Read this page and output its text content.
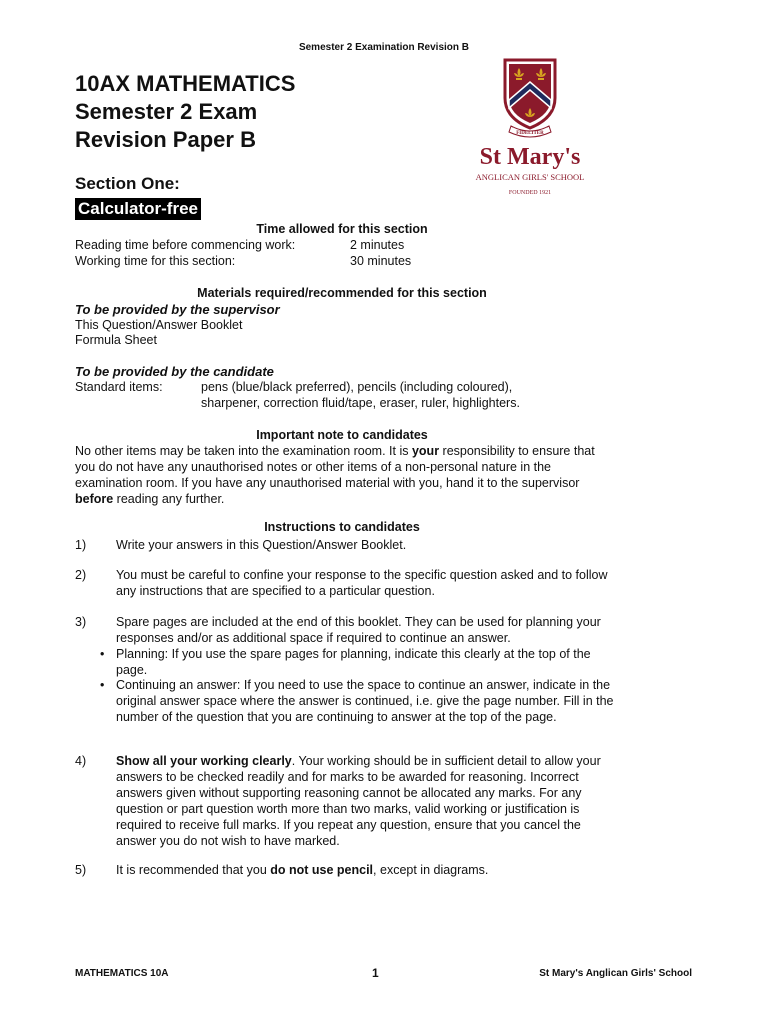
Semester 2 Examination Revision B
10AX MATHEMATICS
Semester 2 Exam
Revision Paper B	FIDELITER
St Mary's
ANGLICAN GIRLS' SCHOOL
FOUNDED 1921
Section One:
Calculator-free
Time allowed for this section
Reading time before commencing work:	2 minutes
Working time for this section:	30 minutes
Materials required/recommended for this section
To be provided by the supervisor
This Question/Answer Booklet
Formula Sheet
To be provided by the candidate
Standard items:	pens (blue/black preferred), pencils (including coloured),
sharpener, correction fluid/tape, eraser, ruler, highlighters.
Important note to candidates
No other items may be taken into the examination room. It is your responsibility to ensure that you do not have any unauthorised notes or other items of a non-personal nature in the examination room. If you have any unauthorised material with you, hand it to the supervisor before reading any further.
Instructions to candidates
1) Write your answers in this Question/Answer Booklet.
2) You must be careful to confine your response to the specific question asked and to follow any instructions that are specified to a particular question.
3) Spare pages are included at the end of this booklet. They can be used for planning your responses and/or as additional space if required to continue an answer.
• Planning: If you use the spare pages for planning, indicate this clearly at the top of the page.
• Continuing an answer: If you need to use the space to continue an answer, indicate in the original answer space where the answer is continued, i.e. give the page number. Fill in the number of the question that you are continuing to answer at the top of the page.
4) Show all your working clearly. Your working should be in sufficient detail to allow your answers to be checked readily and for marks to be awarded for reasoning. Incorrect answers given without supporting reasoning cannot be allocated any marks. For any question or part question worth more than two marks, valid working or justification is required to receive full marks. If you repeat any question, ensure that you cancel the answer you do not wish to have marked.
5) It is recommended that you do not use pencil, except in diagrams.
MATHEMATICS 10A	1	St Mary's Anglican Girls' School
